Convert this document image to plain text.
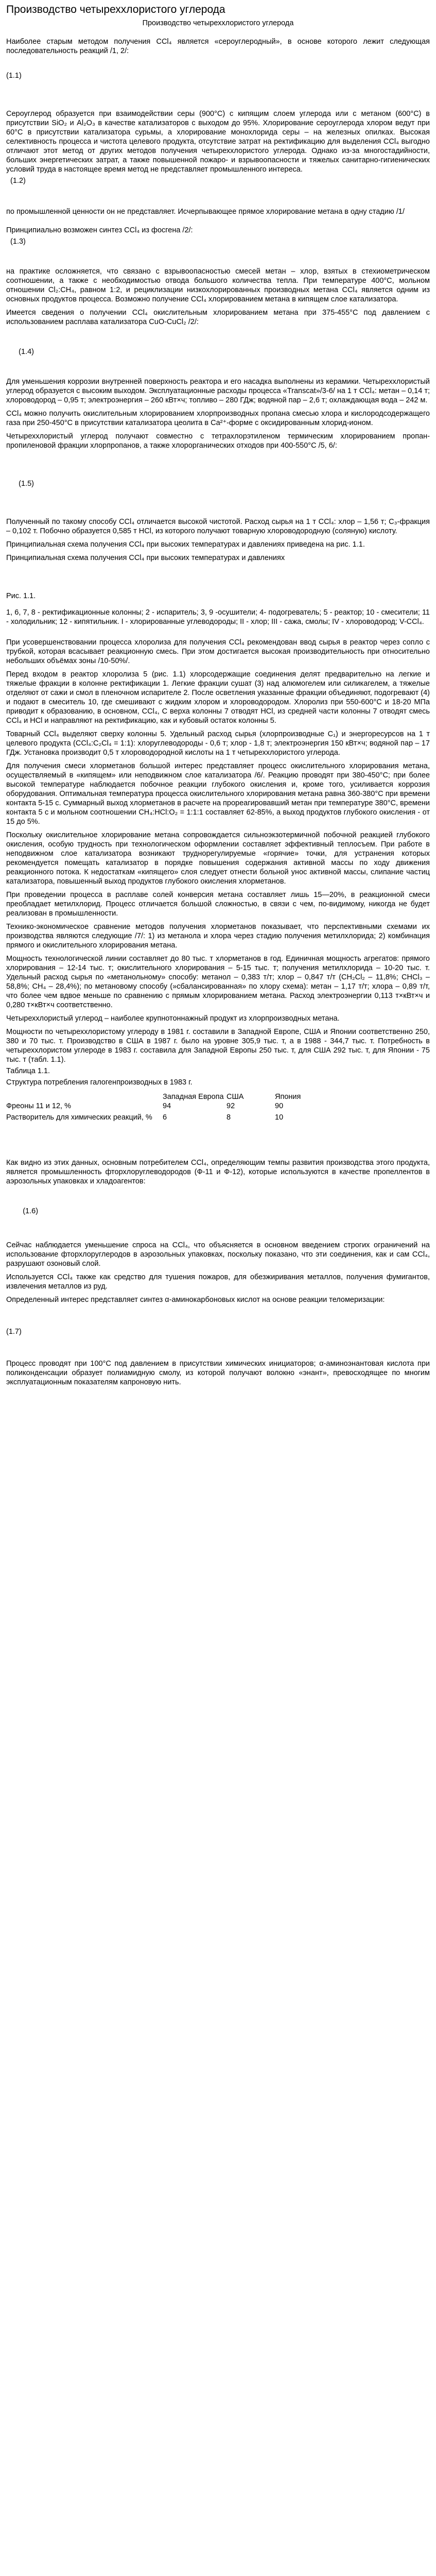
Производство четыреххлористого углерода
Производство четыреххлористого углерода

Наиболее старым методом получения CCl₄ является «сероуглеродный», в основе которого лежит следующая последовательность реакций /1, 2/:

(1.1)

Сероуглерод образуется при взаимодействии серы (900°С) с кипящим слоем углерода или с метаном (600°С) в присутствии SiO₂ и Al₂O₃ в качестве катализаторов с выходом до 95%. Хлорирование сероуглерода хлором ведут при 60°С в присутствии катализатора сурьмы, а хлорирование монохлорида серы – на железных опилках. Высокая селективность процесса и чистота целевого продукта, отсутствие затрат на ректификацию для выделения CCl₄ выгодно отличают этот метод от других методов получения четыреххлористого углерода. Однако из-за многостадийности, больших энергетических затрат, а также повышенной пожаро- и взрывоопасности и тяжелых санитарно-гигиенических условий труда в настоящее время метод не представляет промышленного интереса.

(1.2)

по промышленной ценности он не представляет. Исчерпывающее прямое хлорирование метана в одну стадию /1/

Принципиально возможен синтез CCl₄ из фосгена /2/:

(1.3)

на практике осложняется, что связано с взрывоопасностью смесей метан – хлор, взятых в стехиометрическом соотношении, а также с необходимостью отвода большого количества тепла. При температуре 400°С, мольном отношении Cl₂:CH₄, равном 1:2, и рециклизации низкохлорированных производных метана CCl₄ является одним из основных продуктов процесса. Возможно получение CCl₄ хлорированием метана в кипящем слое катализатора.

Имеется сведения о получении CCl₄ окислительным хлорированием метана при 375-455°С под давлением с использованием расплава катализатора CuO-CuCl₂ /2/:

(1.4)

Для уменьшения коррозии внутренней поверхность реактора и его насадка выполнены из керамики. Четыреххлористый углерод образуется с высоким выходом. Эксплуатационные расходы процесса «Transcat»/3-6/ на 1 т CCl₄: метан – 0,14 т; хлороводород – 0,95 т; электроэнергия – 260 кВт×ч; топливо – 280 ГДж; водяной пар – 2,6 т; охлаждающая вода – 242 м.

CCl₄ можно получить окислительным хлорированием хлорпроизводных пропана смесью хлора и кислородсодержащего газа при 250-450°С в присутствии катализатора цеолита в Ca²⁺-форме с оксидированным хлорид-ионом.

Четыреххлористый углерод получают совместно с тетрахлорэтиленом термическим хлорированием пропан-пропиленовой фракции хлорпропанов, а также хлорорганических отходов при 400-550°С /5, 6/:

(1.5)

Полученный по такому способу CCl₄ отличается высокой чистотой. Расход сырья на 1 т CCl₄: хлор – 1,56 т; C₃-фракция – 0,102 т. Побочно образуется 0,585 т HCl, из которого получают товарную хлороводородную (соляную) кислоту.

Принципиальная схема получения CCl₄ при высоких температурах и давлениях приведена на рис. 1.1.

Принципиальная схема получения CCl₄ при высоких температурах и давлениях

Рис. 1.1.

1, 6, 7, 8 - ректификационные колонны; 2 - испаритель; 3, 9 -осушители; 4- подогреватель; 5 - реактор; 10 - смесители; 11 - холодильник; 12 - кипятильник. I - хлорированные углеводороды; II - хлор; III - сажа, смолы; IV - хлороводород; V-CCl₄.

При усовершенствовании процесса хлоролиза для получения CCl₄ рекомендован ввод сырья в реактор через сопло с трубкой, которая всасывает реакционную смесь. При этом достигается высокая производительность при относительно небольших объёмах зоны /10-50%/.

Перед входом в реактор хлоролиза 5 (рис. 1.1) хлорсодержащие соединения делят предварительно на легкие и тяжелые фракции в колонне ректификации 1. Легкие фракции сушат (3) над алюмогелем или силикагелем, а тяжелые отделяют от сажи и смол в пленочном испарителе 2. После осветления указанные фракции объединяют, подогревают (4) и подают в смеситель 10, где смешивают с жидким хлором и хлороводородом. Хлоролиз при 550-600°С и 18-20 МПа приводит к образованию, в основном, CCl₄, С верха колонны 7 отводят HCl, из средней части колонны 7 отводят смесь CCl₄ и HCl и направляют на ректификацию, как и кубовый остаток колонны 5.

Товарный CCl₄ выделяют сверху колонны 5. Удельный расход сырья (хлорпроизводные C₁) и энергоресурсов на 1 т целевого продукта (CCl₄:C₂Cl₄ = 1:1): хлоруглеводороды - 0,6 т; хлор - 1,8 т; электроэнергия 150 кВт×ч; водяной пар – 17 ГДж. Установка производит 0,5 т хлороводородной кислоты на 1 т четыреххлористого углерода.

Для получения смеси хлорметанов большой интерес представляет процесс окислительного хлорирования метана, осуществляемый в «кипящем» или неподвижном слое катализатора /6/. Реакцию проводят при 380-450°С; при более высокой температуре наблюдается побочное реакции глубокого окисления и, кроме того, усиливается коррозия оборудования. Оптимальная температура процесса окислительного хлорирования метана равна 360-380°С при времени контакта 5-15 с. Суммарный выход хлорметанов в расчете на прореагировавший метан при температуре 380°С, времени контакта 5 с и мольном соотношении CH₄:HCl:O₂ = 1:1:1 составляет 62-85%, а выход продуктов глубокого окисления - от 15 до 5%.

Поскольку окислительное хлорирование метана сопровождается сильноэкзотермичной побочной реакцией глубокого окисления, особую трудность при технологическом оформлении составляет эффективный теплосъем. При работе в неподвижном слое катализатора возникают труднорегулируемые «горячие» точки, для устранения которых рекомендуется помещать катализатор в порядке повышения содержания активной массы по ходу движения реакционного потока. К недостаткам «кипящего» слоя следует отнести больной унос активной массы, слипание частиц катализатора, повышенный выход продуктов глубокого окисления хлорметанов.

При проведении процесса в расплаве солей конверсия метана составляет лишь 15—20%, в реакционной смеси преобладает метилхлорид. Процесс отличается большой сложностью, в связи с чем, по-видимому, никогда не будет реализован в промышленности.

Технико-экономическое сравнение методов получения хлорметанов показывает, что перспективными схемами их производства являются следующие /7/: 1) из метанола и хлора через стадию получения метилхлорида; 2) комбинация прямого и окислительного хлорирования метана.

Мощность технологической линии составляет до 80 тыс. т хлорметанов в год. Единичная мощность агрегатов: прямого хлорирования – 12-14 тыс. т; окислительного хлорирования – 5-15 тыс. т; получения метилхлорида – 10-20 тыс. т. Удельный расход сырья по «метанольному» способу: метанол – 0,383 т/т; хлор – 0,847 т/т (CH₂Cl₂ – 11,8%; CHCl₃ – 58,8%; CH₄ – 28,4%); по метановому способу (»сбалансированная» по хлору схема): метан – 1,17 т/т; хлора – 0,89 т/т, что более чем вдвое меньше по сравнению с прямым хлорированием метана. Расход электроэнергии 0,113 т×кВт×ч и 0,280 т×кВт×ч соответственно.

Четыреххлористый углерод – наиболее крупнотоннажный продукт из хлорпроизводных метана.

Мощности по четыреххлористому углероду в 1981 г. составили в Западной Европе, США и Японии соответственно 250, 380 и 70 тыс. т. Производство в США в 1987 г. было на уровне 305,9 тыс. т, а в 1988 - 344,7 тыс. т. Потребность в четыреххлористом углероде в 1983 г. составила для Западной Европы 250 тыс. т, для США 292 тыс. т, для Японии - 75 тыс. т (табл. 1.1).

Таблица 1.1.

Структура потребления галогенпроизводных в 1983 г.

	Западная Европа	США	Япония
Фреоны 11 и 12, %	94	92	90
Растворитель для химических реакций, %	6	8	10

Как видно из этих данных, основным потребителем CCl₄, определяющим темпы развития производства этого продукта, является промышленность фторхлоруглеводородов (Ф-11 и Ф-12), которые используются в качестве пропеллентов в аэрозольных упаковках и хладоагентов:

(1.6)

Сейчас наблюдается уменьшение спроса на CCl₄, что объясняется в основном введением строгих ограничений на использование фторхлоруглеродов в аэрозольных упаковках, поскольку показано, что эти соединения, как и сам CCl₄, разрушают озоновый слой.

Используется CCl₄ также как средство для тушения пожаров, для обезжиривания металлов, получения фумигантов, извлечения металлов из руд.

Определенный интерес представляет синтез α-аминокарбоновых кислот на основе реакции теломеризации:

(1.7)

Процесс проводят при 100°С под давлением в присутствии химических инициаторов; α-аминоэнантовая кислота при поликонденсации образует полиамидную смолу, из которой получают волокно «энант», превосходящее по многим эксплуатационным показателям капроновую нить.
